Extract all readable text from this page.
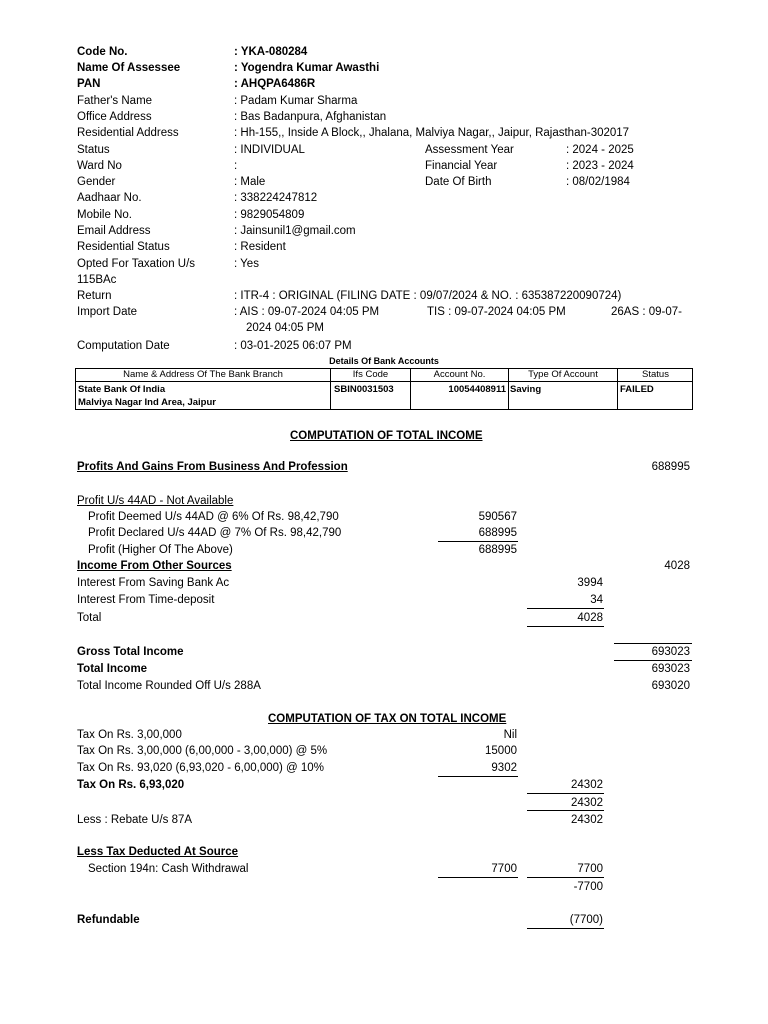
Code No.	: YKA-080284
Name Of Assessee	: Yogendra Kumar Awasthi
PAN	: AHQPA6486R
Father's Name	: Padam Kumar Sharma
Office Address	: Bas Badanpura, Afghanistan
Residential Address	: Hh-155,, Inside A Block,, Jhalana, Malviya Nagar,, Jaipur, Rajasthan-302017
Status	: INDIVIDUAL	Assessment Year	: 2024 - 2025
Ward No	:	Financial Year	: 2023 - 2024
Gender	: Male	Date Of Birth	: 08/02/1984
Aadhaar No.	: 338224247812
Mobile No.	: 9829054809
Email Address	: Jainsunil1@gmail.com
Residential Status	: Resident
Opted For Taxation U/s	: Yes
115BAc
Return	: ITR-4 : ORIGINAL (FILING DATE : 09/07/2024 & NO. : 635387220090724)
Import Date	: AIS : 09-07-2024 04:05 PM	TIS : 09-07-2024 04:05 PM	26AS : 09-07-
2024 04:05 PM
Computation Date	: 03-01-2025 06:07 PM
Details Of Bank Accounts
Name & Address Of The Bank Branch	Ifs Code	Account No.	Type Of Account	Status
State Bank Of India
Malviya Nagar Ind Area, Jaipur
SBIN0031503	10054408911 Saving	FAILED
COMPUTATION OF TOTAL INCOME
Profits And Gains From Business And Profession	688995
Profit U/s 44AD - Not Available
Profit Deemed U/s 44AD @ 6% Of Rs. 98,42,790	590567
Profit Declared U/s 44AD @ 7% Of Rs. 98,42,790	688995
Profit (Higher Of The Above)	688995
Income From Other Sources	4028
Interest From Saving Bank Ac	3994
Interest From Time-deposit	34
Total	4028
Gross Total Income	693023
Total Income	693023
Total Income Rounded Off U/s 288A	693020
COMPUTATION OF TAX ON TOTAL INCOME
Tax On Rs. 3,00,000	Nil
Tax On Rs. 3,00,000 (6,00,000 - 3,00,000) @ 5%	15000
Tax On Rs. 93,020 (6,93,020 - 6,00,000) @ 10%	9302
Tax On Rs. 6,93,020	24302
24302
Less : Rebate U/s 87A	24302
Less Tax Deducted At Source
Section 194n: Cash Withdrawal	7700	7700
-7700
Refundable	(7700)
